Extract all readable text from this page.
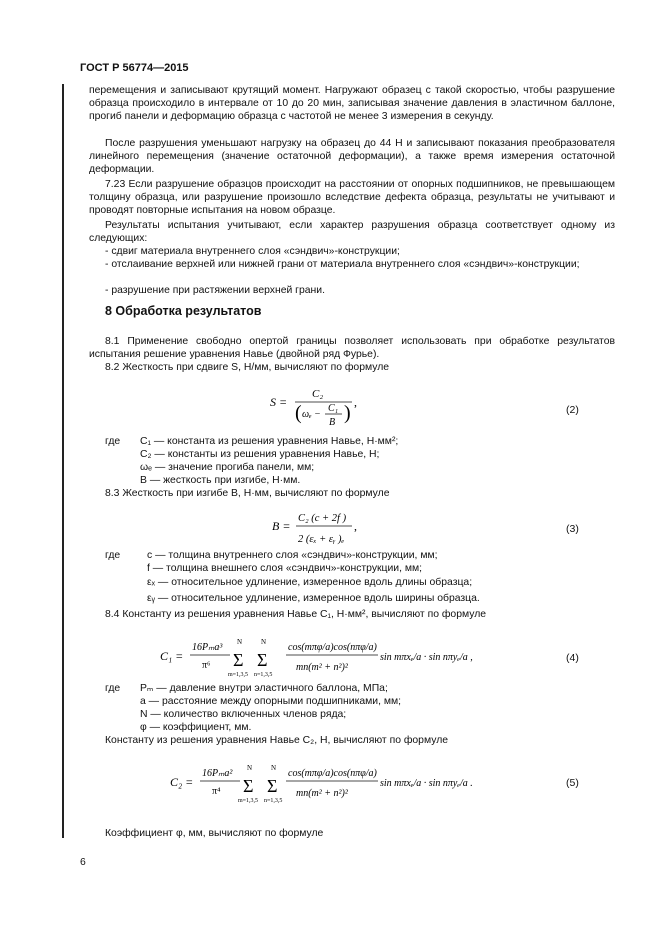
ГОСТ Р 56774—2015
перемещения и записывают крутящий момент. Нагружают образец с такой скоростью, чтобы разрушение образца происходило в интервале от 10 до 20 мин, записывая значение давления в эластичном баллоне, прогиб панели и деформацию образца с частотой не менее 3 измерения в секунду.
После разрушения уменьшают нагрузку на образец до 44 Н и записывают показания преобразователя линейного перемещения (значение остаточной деформации), а также время измерения остаточной деформации.
7.23 Если разрушение образцов происходит на расстоянии от опорных подшипников, не превышающем толщину образца, или разрушение произошло вследствие дефекта образца, результаты не учитывают и проводят повторные испытания на новом образце.
Результаты испытания учитывают, если характер разрушения образца соответствует одному из следующих:
- сдвиг материала внутреннего слоя «сэндвич»-конструкции;
- отслаивание верхней или нижней грани от материала внутреннего слоя «сэндвич»-конструкции;
- разрушение при растяжении верхней грани.
8 Обработка результатов
8.1 Применение свободно опертой границы позволяет использовать при обработке результатов испытания решение уравнения Навье (двойной ряд Фурье).
8.2 Жесткость при сдвиге S, Н/мм, вычисляют по формуле
S =
C₂
( ωₑ −
C₁
B ) ,
(2)
где C₁ — константа из решения уравнения Навье, Н·мм²;
C₂ — константы из решения уравнения Навье, Н;
ωₑ — значение прогиба панели, мм;
B — жесткость при изгибе, Н·мм.
8.3 Жесткость при изгибе B, Н·мм, вычисляют по формуле
B =
C₂ (c + 2f )
2 (εₓ + εᵧ )ₑ
,	(3)
где	c — толщина внутреннего слоя «сэндвич»-конструкции, мм;
f — толщина внешнего слоя «сэндвич»-конструкции, мм;
εₓ — относительное удлинение, измеренное вдоль длины образца;
εᵧ — относительное удлинение, измеренное вдоль ширины образца.
8.4 Константу из решения уравнения Навье C₁, Н·мм², вычисляют по формуле
C₁ =
16Pₘa³
π⁶
N
Σ
m=1,3,5
N
Σ
n=1,3,5
cos(mπφ/a)cos(nπφ/a)
mn(m² + n²)²
sin mπxₑ/a · sin nπyₑ/a ,	(4)
где Pₘ — давление внутри эластичного баллона, МПа;
a — расстояние между опорными подшипниками, мм;
N — количество включенных членов ряда;
φ — коэффициент, мм.
Константу из решения уравнения Навье C₂, Н, вычисляют по формуле
C₂ =
16Pₘa²
π⁴
N
Σ
m=1,3,5
N
Σ
n=1,3,5
cos(mπφ/a)cos(nπφ/a)
mn(m² + n²)²
sin mπxₑ/a · sin nπyₑ/a .	(5)
Коэффициент φ, мм, вычисляют по формуле
6
